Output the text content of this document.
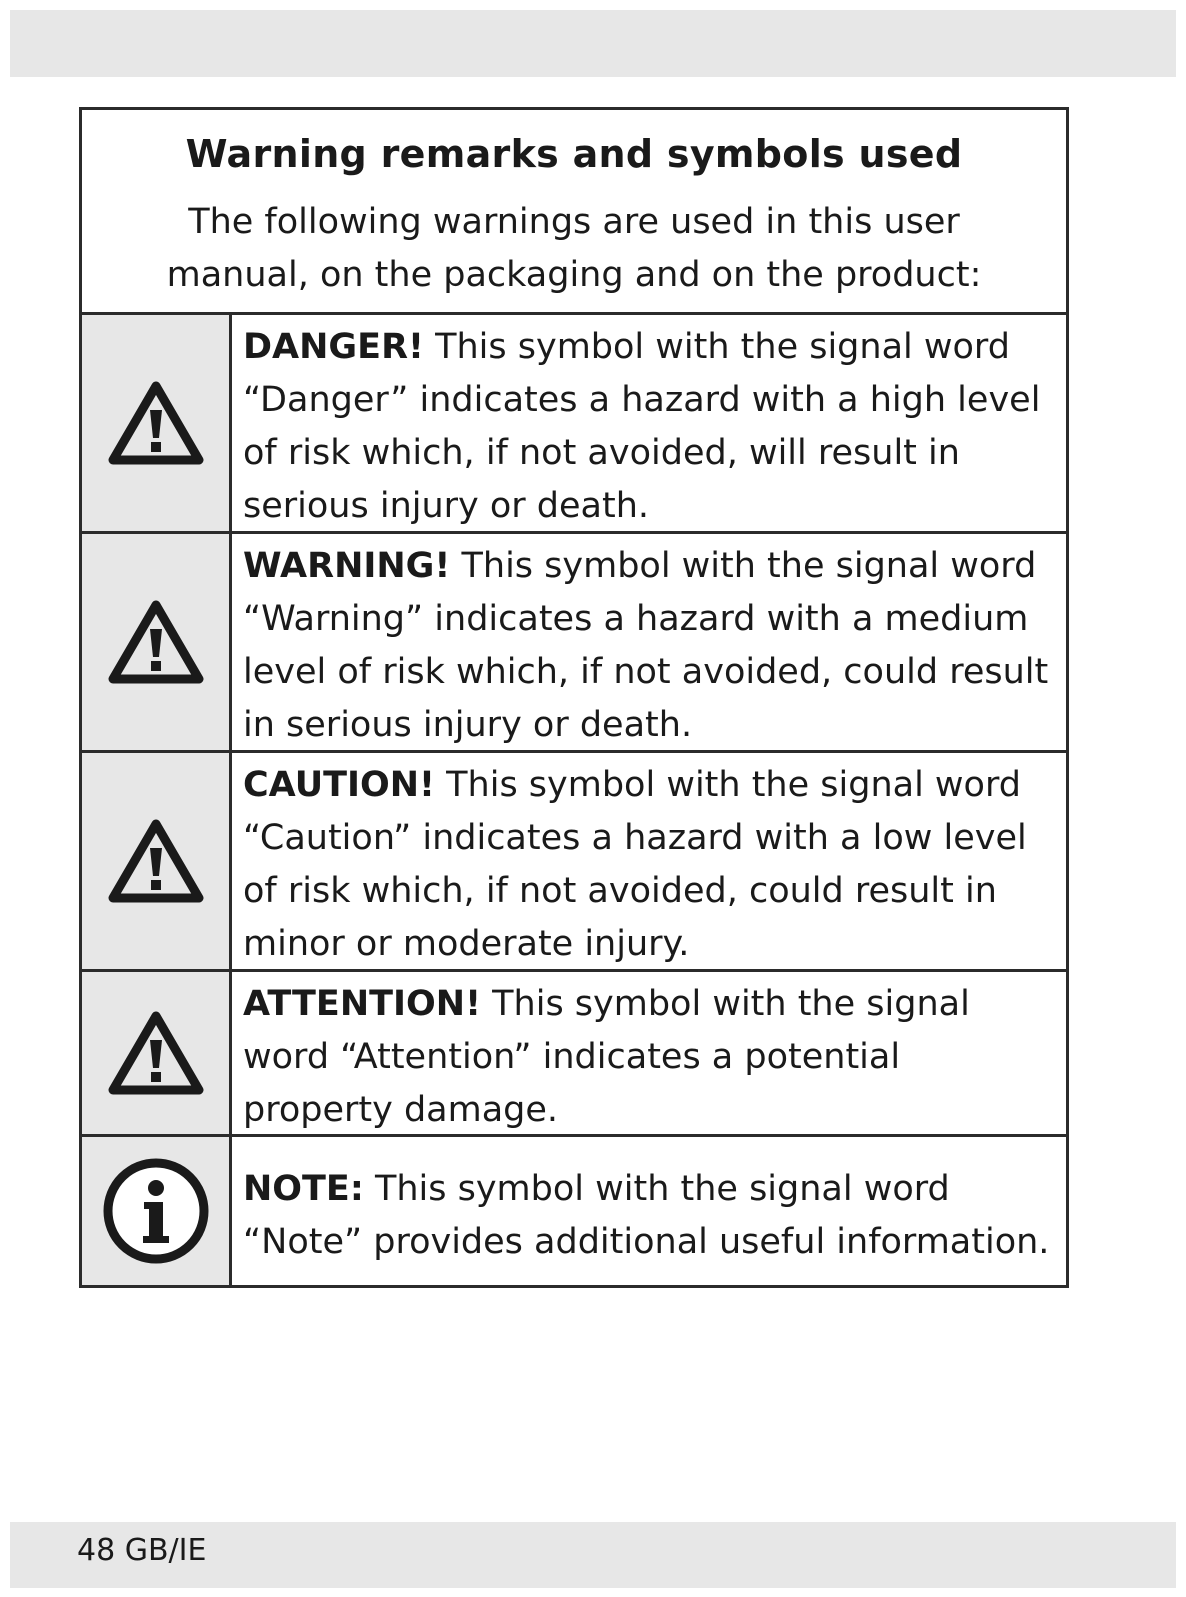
Warning remarks and symbols used
The following warnings are used in this user manual, on the packaging and on the product:
DANGER! This symbol with the signal word “Danger” indicates a hazard with a high level of risk which, if not avoided, will result in serious injury or death.
WARNING! This symbol with the signal word “Warning” indicates a hazard with a medium level of risk which, if not avoided, could result in serious injury or death.
CAUTION! This symbol with the signal word “Caution” indicates a hazard with a low level of risk which, if not avoided, could result in minor or moderate injury.
ATTENTION! This symbol with the signal word “Attention” indicates a potential property damage.
NOTE: This symbol with the signal word “Note” provides additional useful information.
48 GB/IE
